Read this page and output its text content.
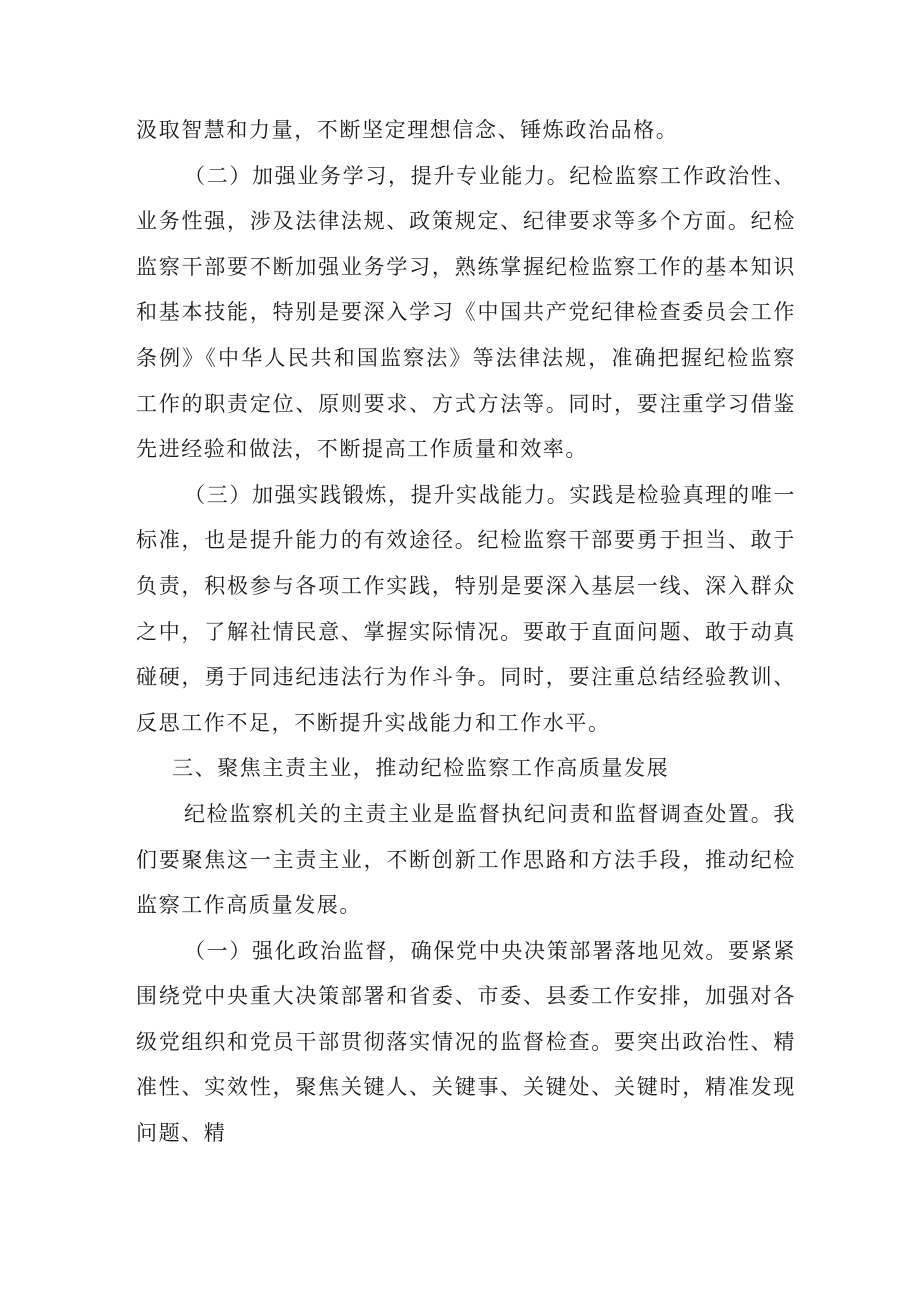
汲取智慧和力量，不断坚定理想信念、锤炼政治品格。

（二）加强业务学习，提升专业能力。纪检监察工作政治性、业务性强，涉及法律法规、政策规定、纪律要求等多个方面。纪检监察干部要不断加强业务学习，熟练掌握纪检监察工作的基本知识和基本技能，特别是要深入学习《中国共产党纪律检查委员会工作条例》《中华人民共和国监察法》等法律法规，准确把握纪检监察工作的职责定位、原则要求、方式方法等。同时，要注重学习借鉴先进经验和做法，不断提高工作质量和效率。

（三）加强实践锻炼，提升实战能力。实践是检验真理的唯一标准，也是提升能力的有效途径。纪检监察干部要勇于担当、敢于负责，积极参与各项工作实践，特别是要深入基层一线、深入群众之中，了解社情民意、掌握实际情况。要敢于直面问题、敢于动真碰硬，勇于同违纪违法行为作斗争。同时，要注重总结经验教训、反思工作不足，不断提升实战能力和工作水平。

三、聚焦主责主业，推动纪检监察工作高质量发展

纪检监察机关的主责主业是监督执纪问责和监督调查处置。我们要聚焦这一主责主业，不断创新工作思路和方法手段，推动纪检监察工作高质量发展。

（一）强化政治监督，确保党中央决策部署落地见效。要紧紧围绕党中央重大决策部署和省委、市委、县委工作安排，加强对各级党组织和党员干部贯彻落实情况的监督检查。要突出政治性、精准性、实效性，聚焦关键人、关键事、关键处、关键时，精准发现问题、精
